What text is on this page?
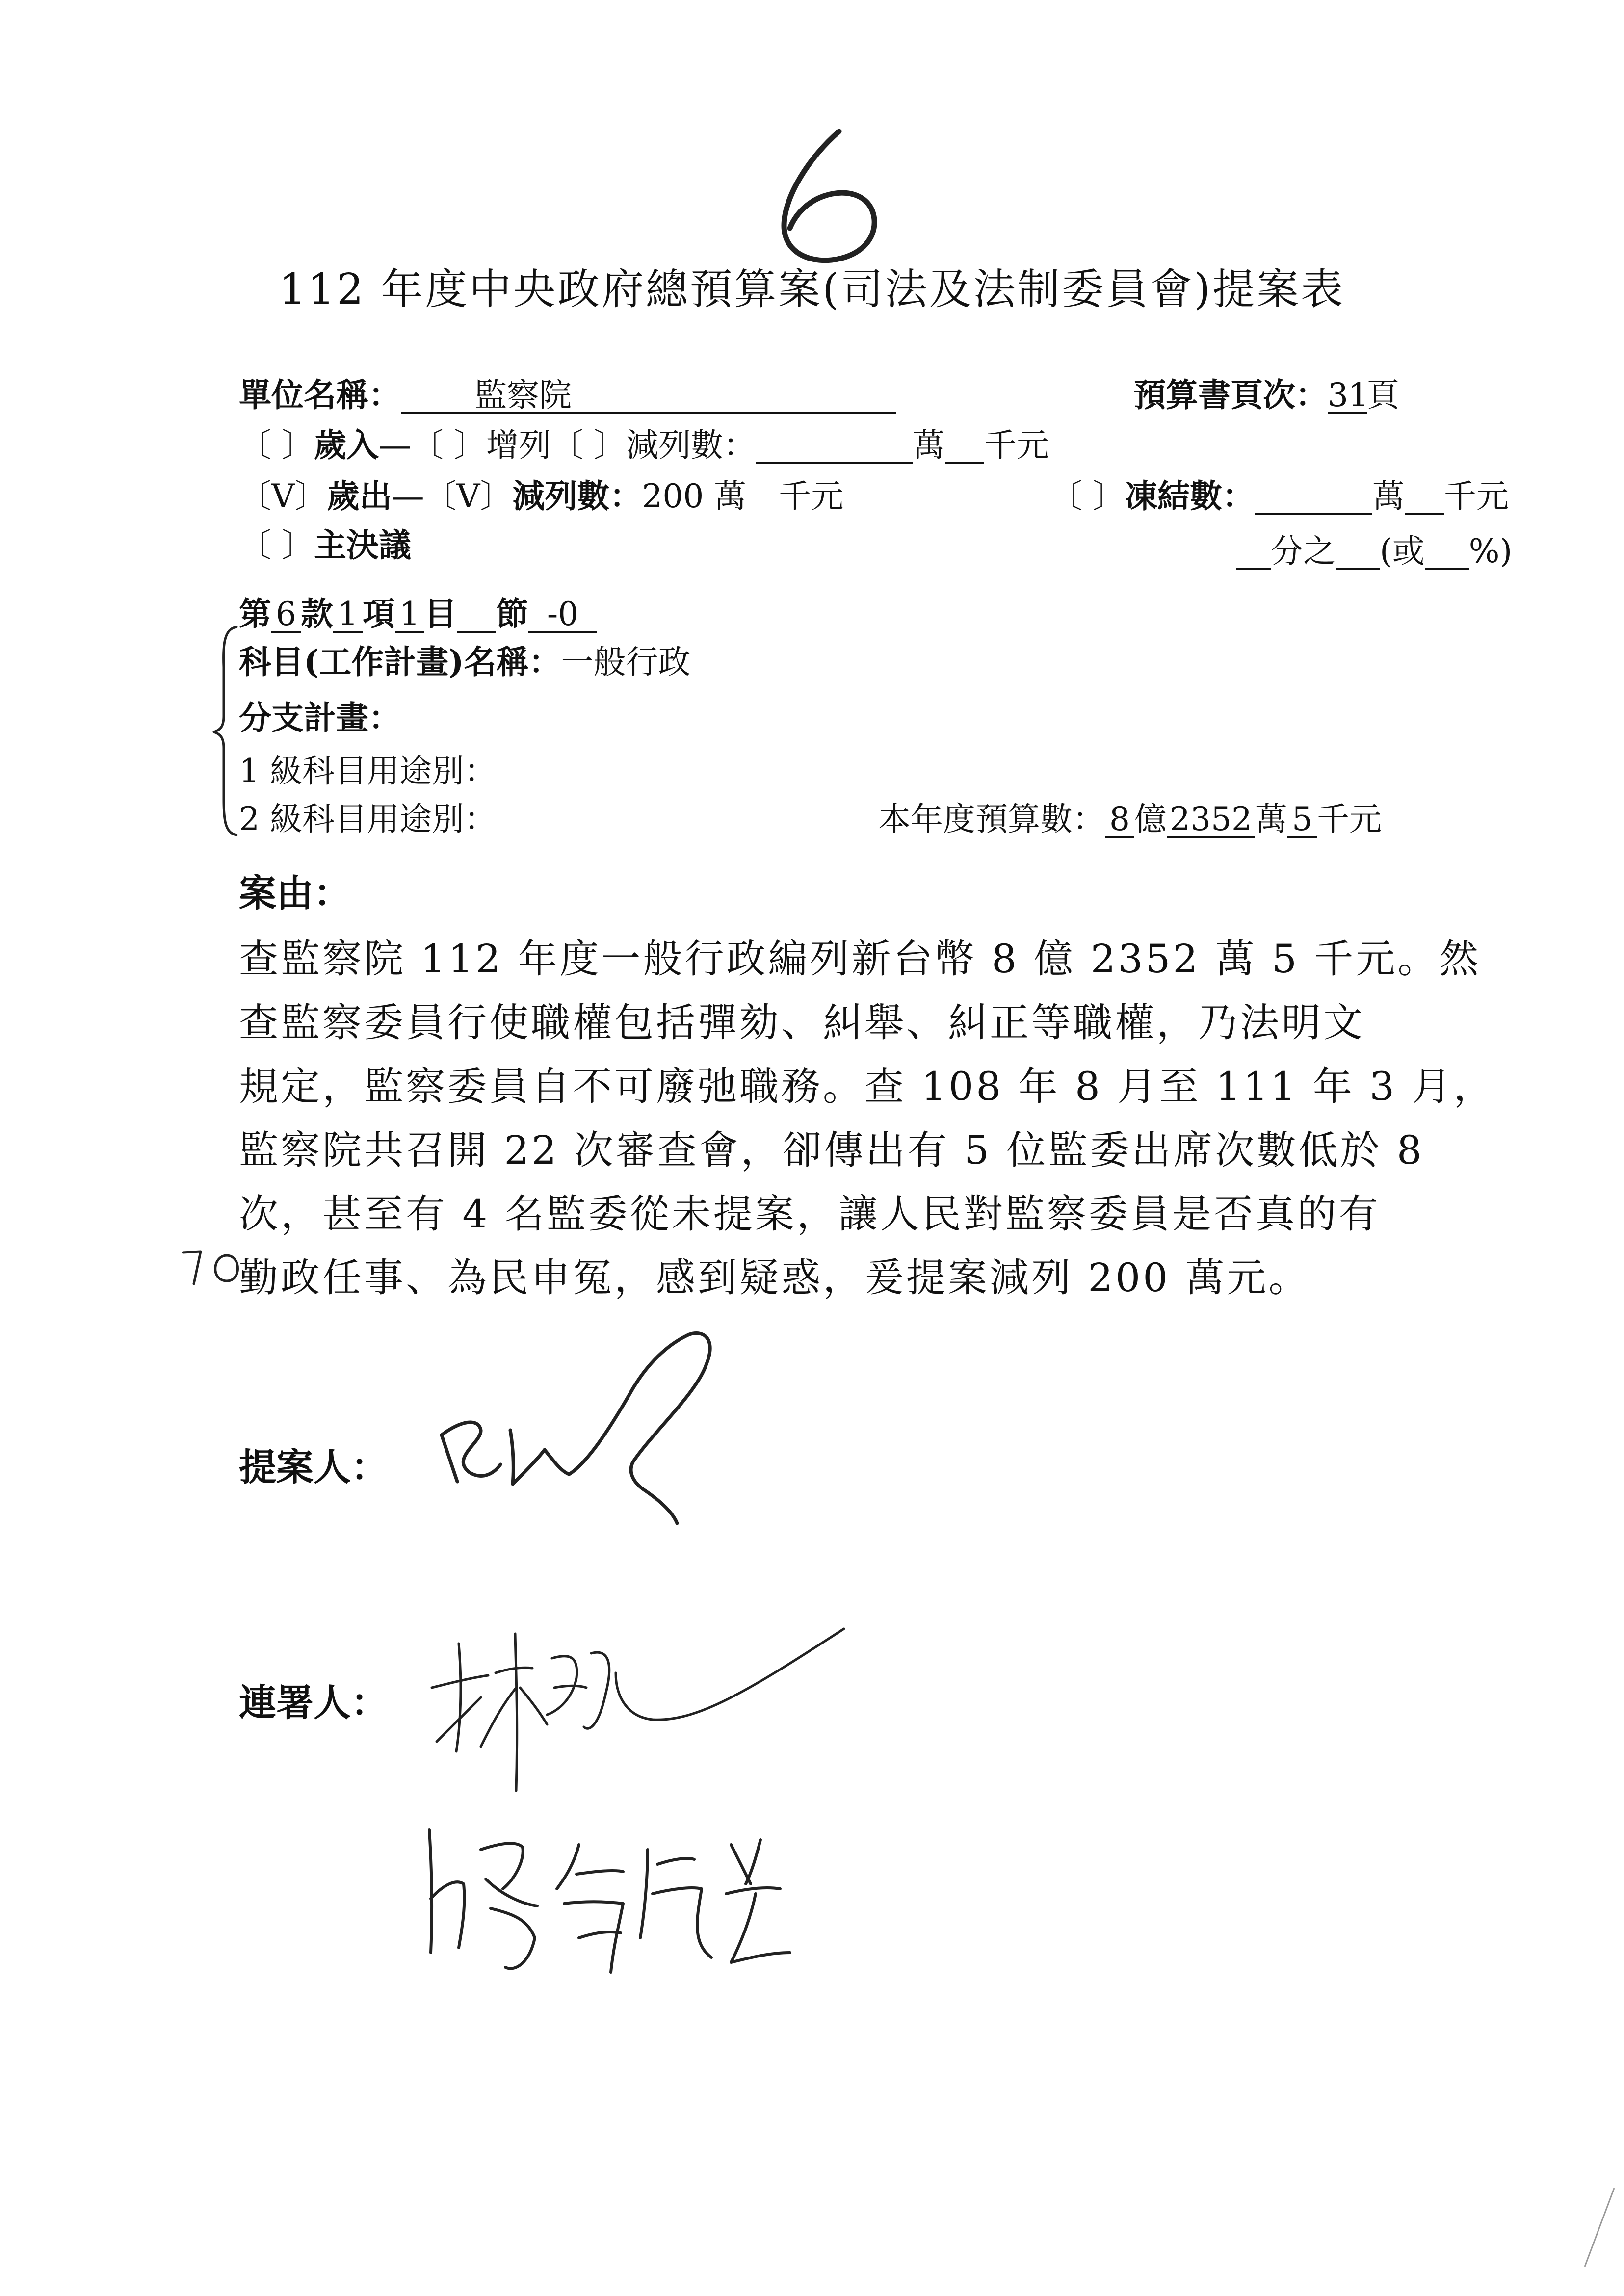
112 年度中央政府總預算案(司法及法制委員會)提案表
單位名稱： 監察院	預算書頁次：31頁
〔 〕歲入—〔 〕增列〔 〕減列數：	萬 千元
〔V〕歲出—〔V〕減列數：200 萬　千元	〔 〕凍結數：	萬 千元
〔 〕主決議	分之 (或 %)
第 6 款 1 項 1 目 節 -0
科目(工作計畫)名稱：一般行政
分支計畫：
1 級科目用途別：
2 級科目用途別：	本年度預算數： 8 億2352萬 5 千元
案由：
查監察院 112 年度一般行政編列新台幣 8 億 2352 萬 5 千元。然
查監察委員行使職權包括彈劾、糾舉、糾正等職權，乃法明文
規定，監察委員自不可廢弛職務。查 108 年 8 月至 111 年 3 月，
監察院共召開 22 次審查會，卻傳出有 5 位監委出席次數低於 8
次，甚至有 4 名監委從未提案，讓人民對監察委員是否真的有
勤政任事、為民申冤，感到疑惑，爰提案減列 200 萬元。
提案人：
連署人：
